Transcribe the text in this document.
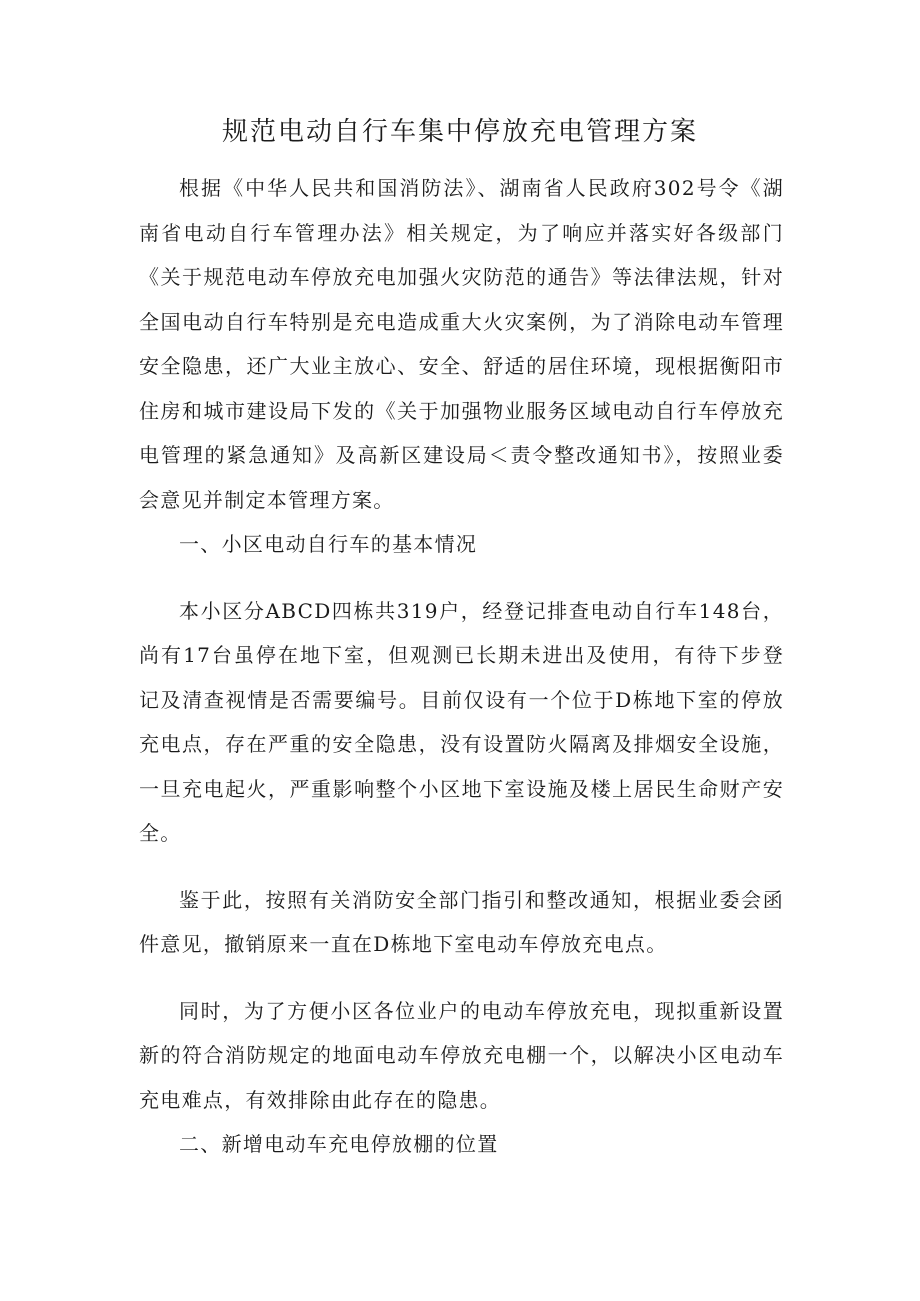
规范电动自行车集中停放充电管理方案

根据《中华人民共和国消防法》、湖南省人民政府302号令《湖南省电动自行车管理办法》相关规定，为了响应并落实好各级部门《关于规范电动车停放充电加强火灾防范的通告》等法律法规，针对全国电动自行车特别是充电造成重大火灾案例，为了消除电动车管理安全隐患，还广大业主放心、安全、舒适的居住环境，现根据衡阳市住房和城市建设局下发的《关于加强物业服务区域电动自行车停放充电管理的紧急通知》及高新区建设局＜责令整改通知书》，按照业委会意见并制定本管理方案。

一、小区电动自行车的基本情况

本小区分ABCD四栋共319户，经登记排查电动自行车148台，尚有17台虽停在地下室，但观测已长期未进出及使用，有待下步登记及清查视情是否需要编号。目前仅设有一个位于D栋地下室的停放充电点，存在严重的安全隐患，没有设置防火隔离及排烟安全设施，一旦充电起火，严重影响整个小区地下室设施及楼上居民生命财产安全。

鉴于此，按照有关消防安全部门指引和整改通知，根据业委会函件意见，撤销原来一直在D栋地下室电动车停放充电点。

同时，为了方便小区各位业户的电动车停放充电，现拟重新设置新的符合消防规定的地面电动车停放充电棚一个，以解决小区电动车充电难点，有效排除由此存在的隐患。

二、新增电动车充电停放棚的位置
